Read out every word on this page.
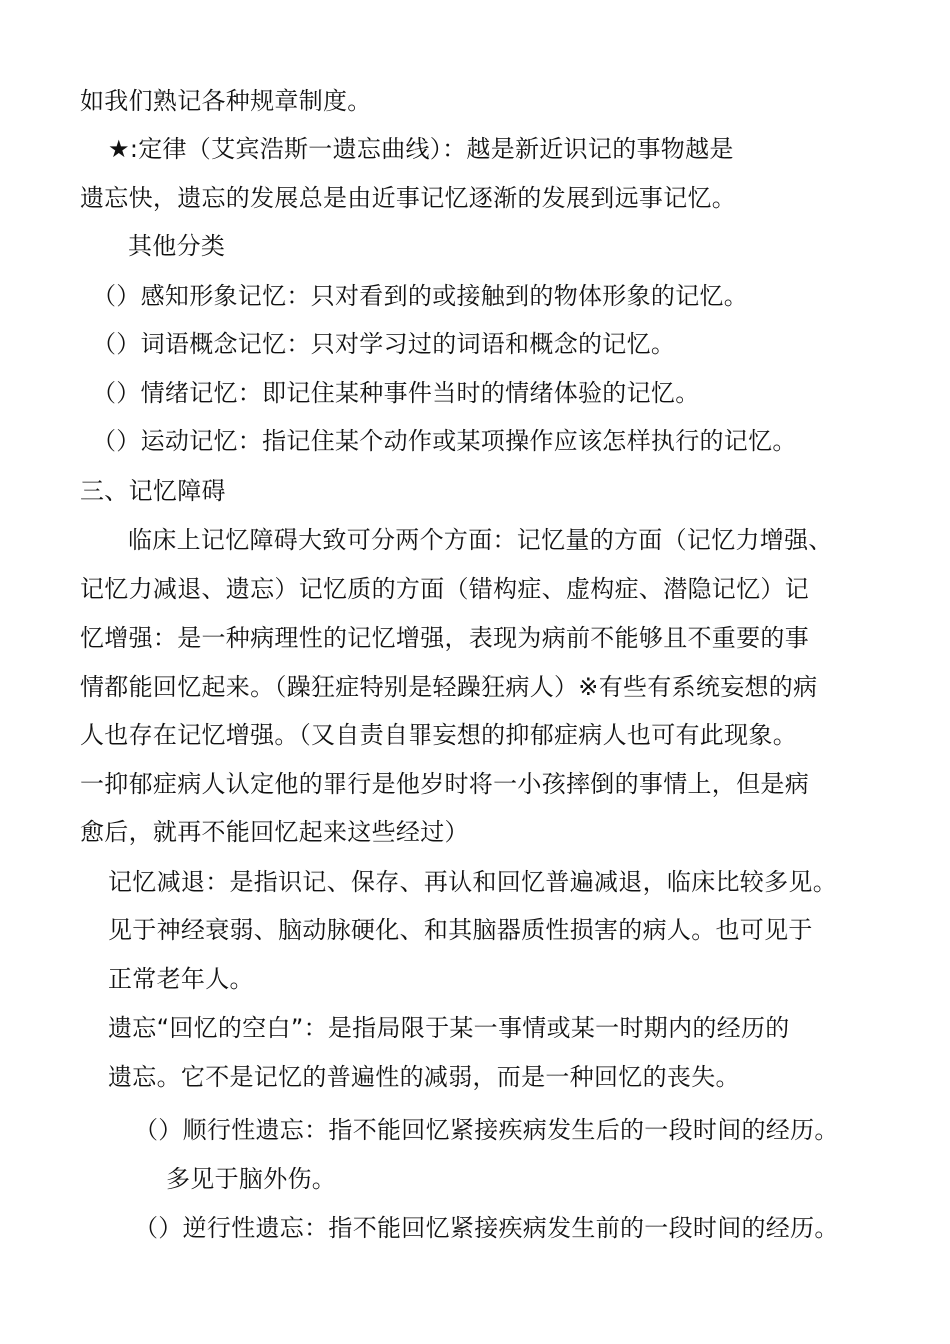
如我们熟记各种规章制度。
★:定律（艾宾浩斯一遗忘曲线）：越是新近识记的事物越是
遗忘快，遗忘的发展总是由近事记忆逐渐的发展到远事记忆。
其他分类
（）感知形象记忆：只对看到的或接触到的物体形象的记忆。
（）词语概念记忆：只对学习过的词语和概念的记忆。
（）情绪记忆：即记住某种事件当时的情绪体验的记忆。
（）运动记忆：指记住某个动作或某项操作应该怎样执行的记忆。
三、记忆障碍
临床上记忆障碍大致可分两个方面：记忆量的方面（记忆力增强、
记忆力减退、遗忘）记忆质的方面（错构症、虚构症、潜隐记忆）记
忆增强：是一种病理性的记忆增强，表现为病前不能够且不重要的事
情都能回忆起来。（躁狂症特别是轻躁狂病人）※有些有系统妄想的病
人也存在记忆增强。（又自责自罪妄想的抑郁症病人也可有此现象。
一抑郁症病人认定他的罪行是他岁时将一小孩摔倒的事情上，但是病
愈后，就再不能回忆起来这些经过）
记忆减退：是指识记、保存、再认和回忆普遍减退，临床比较多见。
见于神经衰弱、脑动脉硬化、和其脑器质性损害的病人。也可见于
正常老年人。
遗忘“回忆的空白”：是指局限于某一事情或某一时期内的经历的
遗忘。它不是记忆的普遍性的减弱，而是一种回忆的丧失。
（）顺行性遗忘：指不能回忆紧接疾病发生后的一段时间的经历。
多见于脑外伤。
（）逆行性遗忘：指不能回忆紧接疾病发生前的一段时间的经历。
